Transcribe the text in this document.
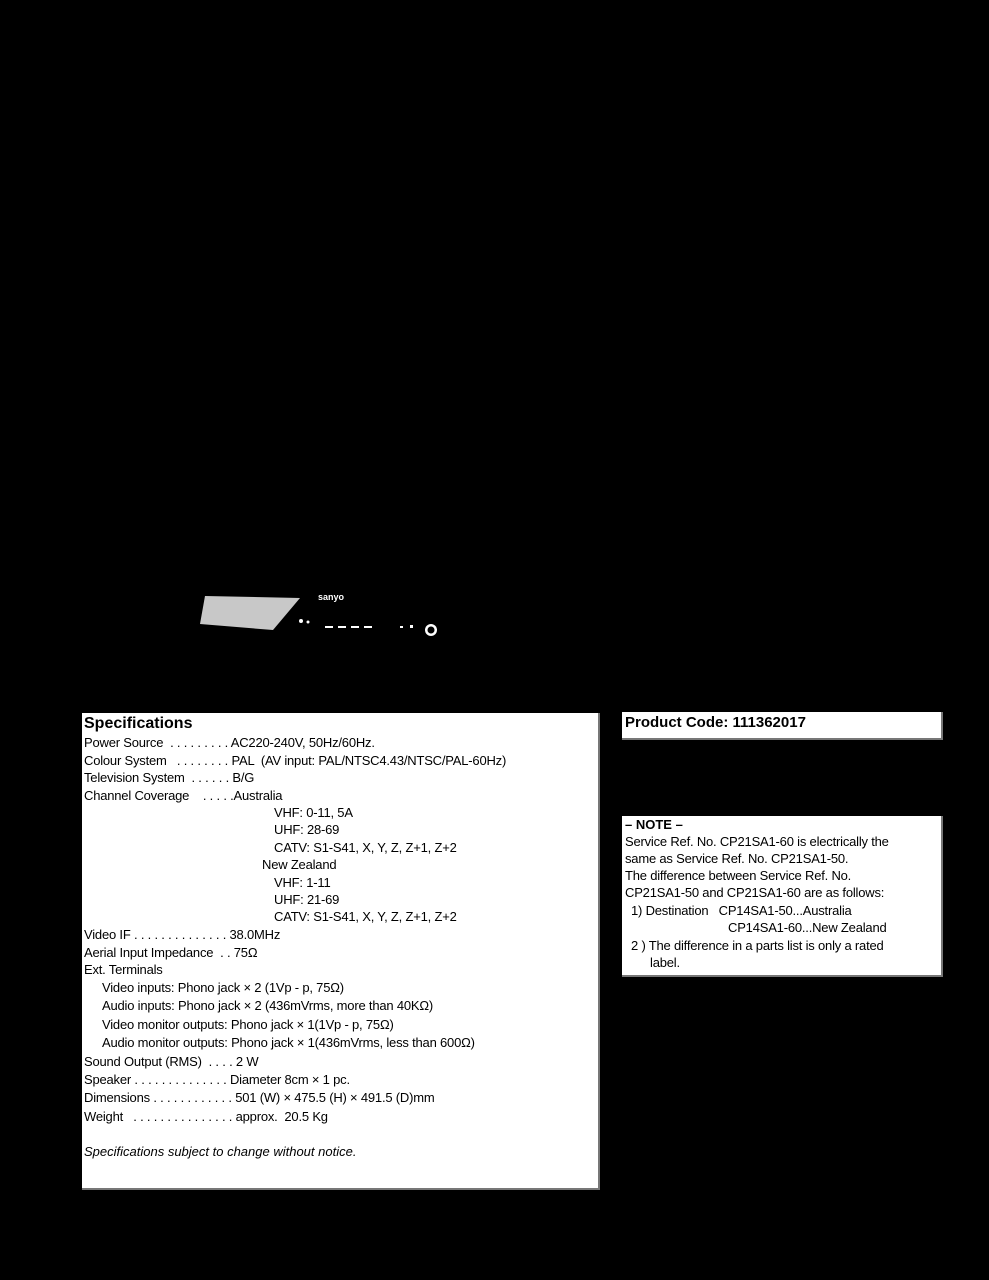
sanyo
Specifications
Power Source  . . . . . . . . . AC220-240V, 50Hz/60Hz.
Colour System   . . . . . . . . PAL  (AV input: PAL/NTSC4.43/NTSC/PAL-60Hz)
Television System  . . . . . . B/G
Channel Coverage    . . . . .Australia
VHF: 0-11, 5A
UHF: 28-69
CATV: S1-S41, X, Y, Z, Z+1, Z+2
New Zealand
VHF: 1-11
UHF: 21-69
CATV: S1-S41, X, Y, Z, Z+1, Z+2
Video IF . . . . . . . . . . . . . . 38.0MHz
Aerial Input Impedance  . . 75Ω
Ext. Terminals
Video inputs: Phono jack × 2 (1Vp - p, 75Ω)
Audio inputs: Phono jack × 2 (436mVrms, more than 40KΩ)
Video monitor outputs: Phono jack × 1(1Vp - p, 75Ω)
Audio monitor outputs: Phono jack × 1(436mVrms, less than 600Ω)
Sound Output (RMS)  . . . . 2 W
Speaker . . . . . . . . . . . . . . Diameter 8cm × 1 pc.
Dimensions . . . . . . . . . . . . 501 (W) × 475.5 (H) × 491.5 (D)mm
Weight   . . . . . . . . . . . . . . . approx.  20.5 Kg
Specifications subject to change without notice.
Product Code: 111362017
– NOTE –
Service Ref. No. CP21SA1-60 is electrically the
same as Service Ref. No. CP21SA1-50.
The difference between Service Ref. No.
CP21SA1-50 and CP21SA1-60 are as follows:
1) Destination   CP14SA1-50...Australia
CP14SA1-60...New Zealand
2 ) The difference in a parts list is only a rated
label.
